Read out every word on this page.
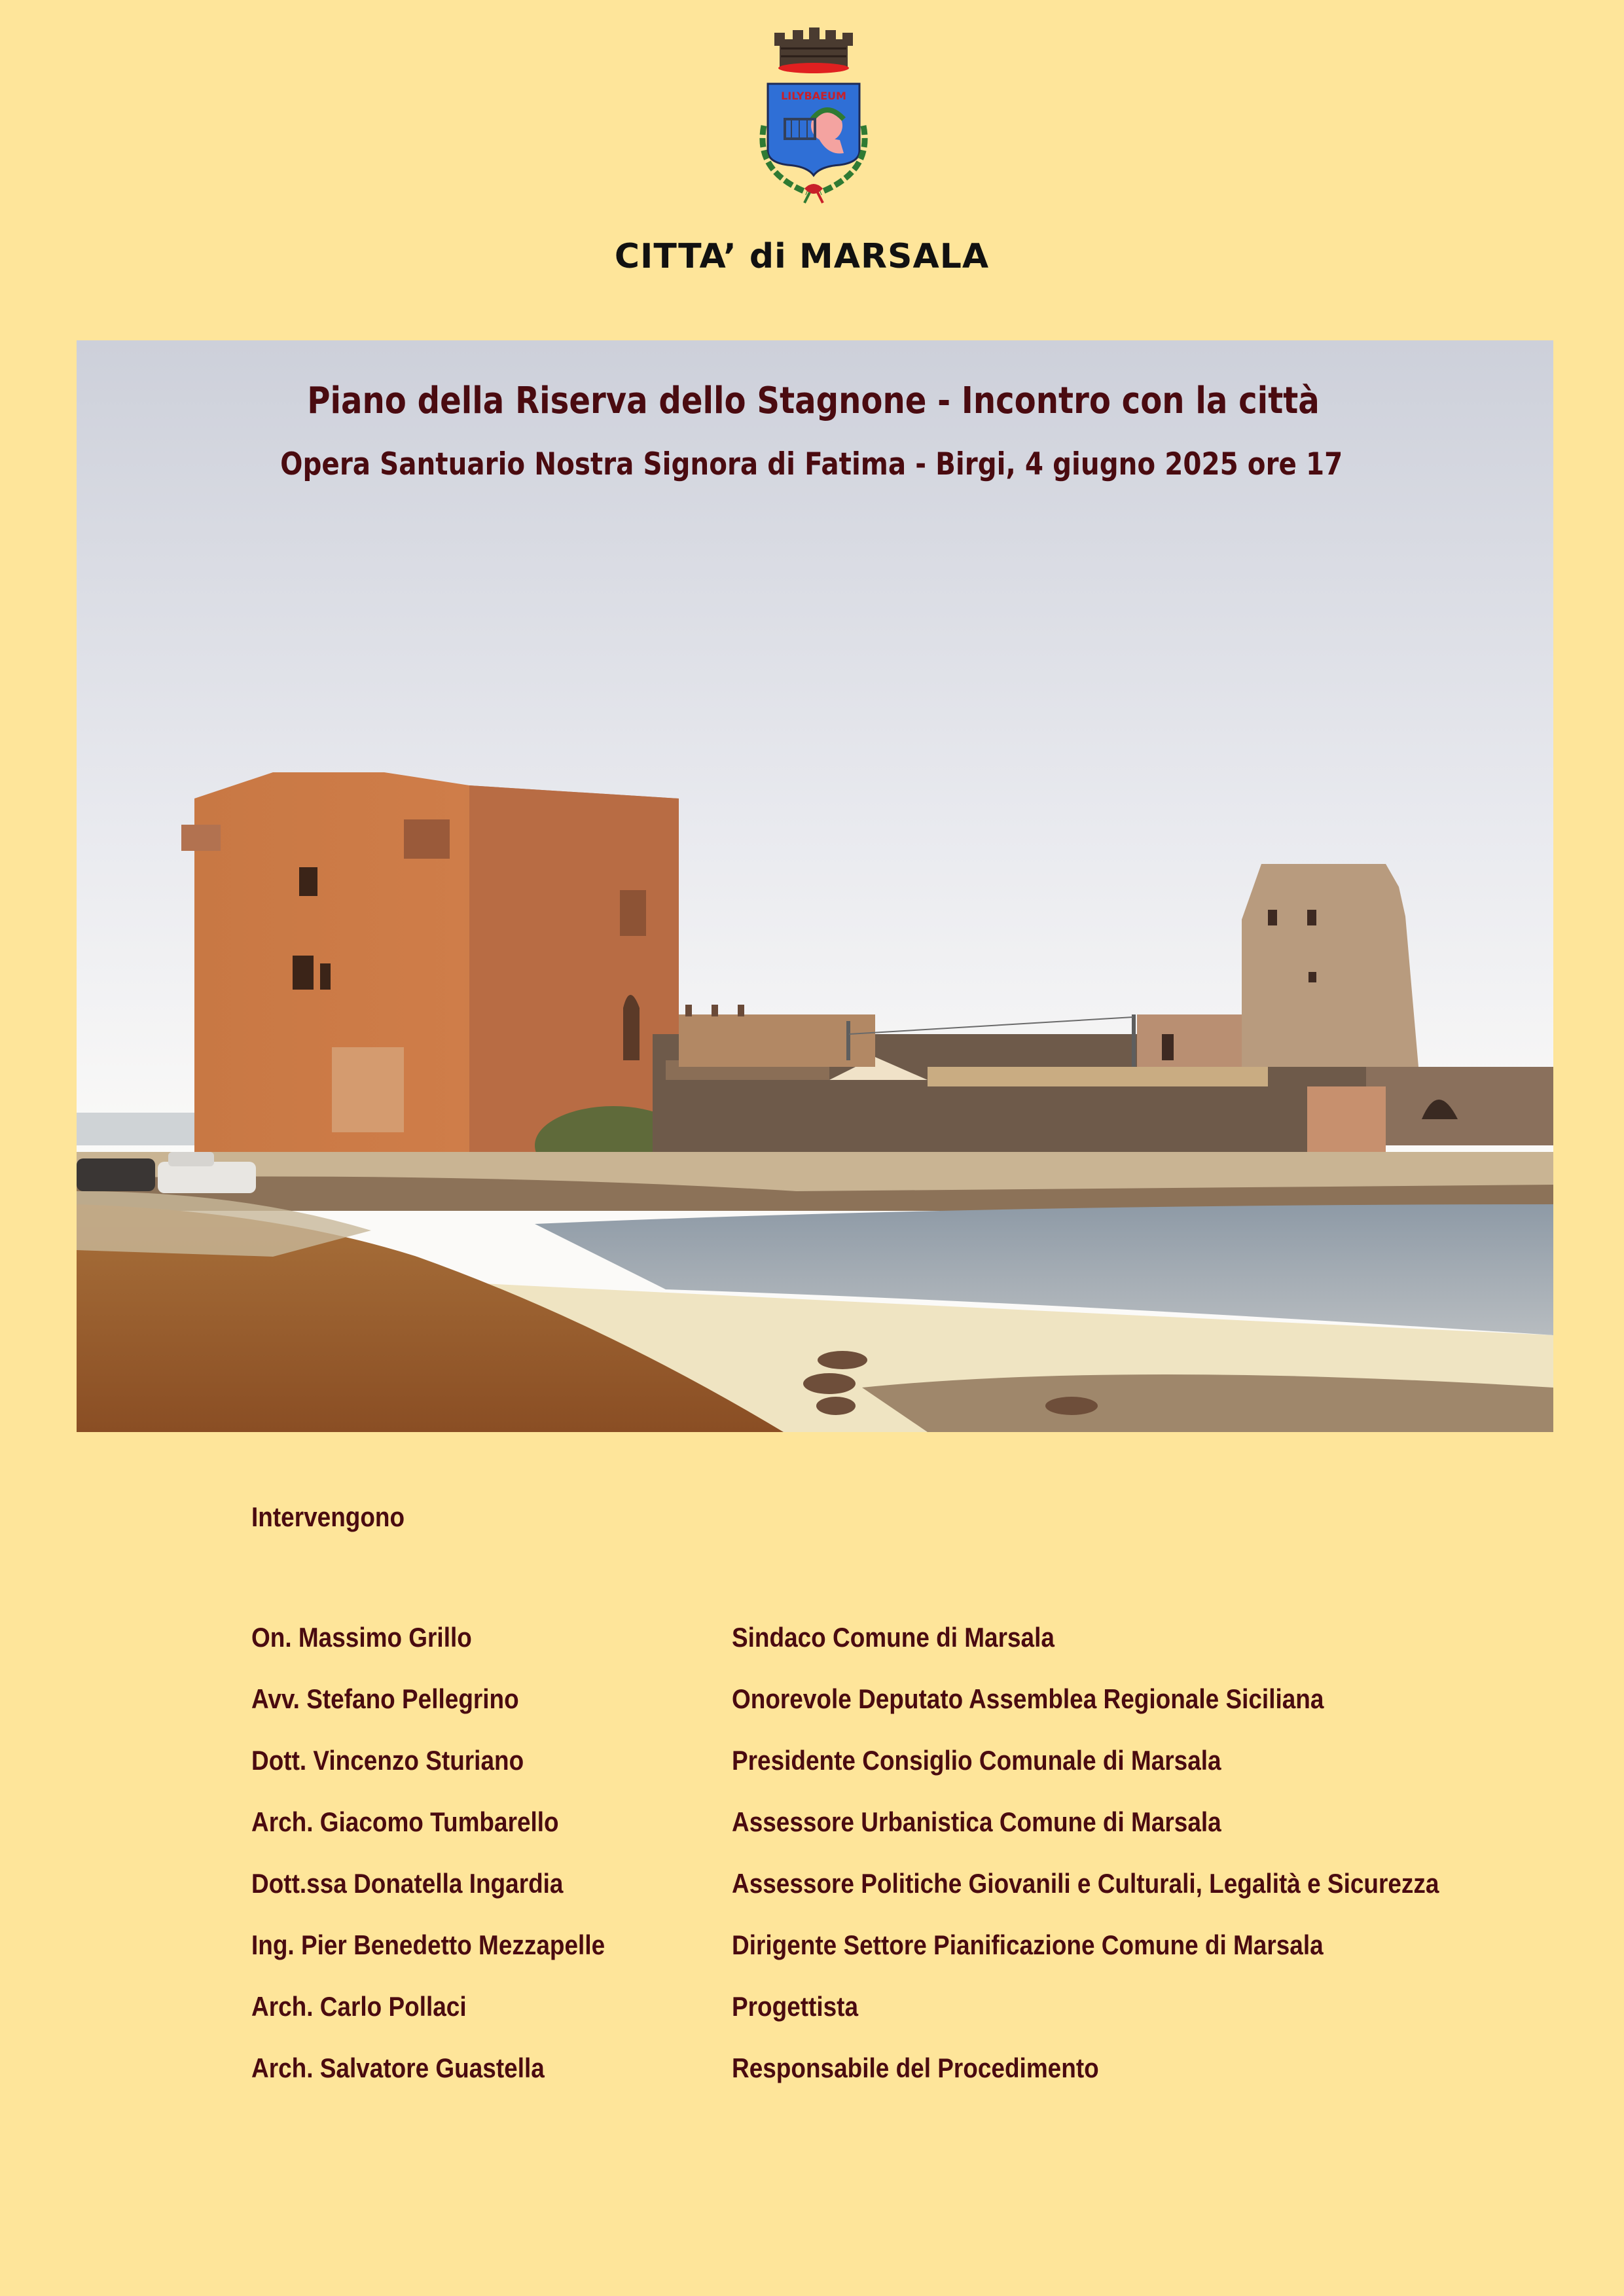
LILYBAEUM
CITTA’ di MARSALA
Piano della Riserva dello Stagnone - Incontro con la città
Opera Santuario Nostra Signora di Fatima - Birgi, 4 giugno 2025 ore 17
Intervengono
On. Massimo Grillo	Sindaco Comune di Marsala
Avv. Stefano Pellegrino	Onorevole Deputato Assemblea Regionale Siciliana
Dott. Vincenzo Sturiano	Presidente Consiglio Comunale di Marsala
Arch. Giacomo Tumbarello	Assessore Urbanistica Comune di Marsala
Dott.ssa Donatella Ingardia	Assessore Politiche Giovanili e Culturali, Legalità e Sicurezza
Ing. Pier Benedetto Mezzapelle	Dirigente Settore Pianificazione Comune di Marsala
Arch. Carlo Pollaci	Progettista
Arch. Salvatore Guastella	Responsabile del Procedimento
